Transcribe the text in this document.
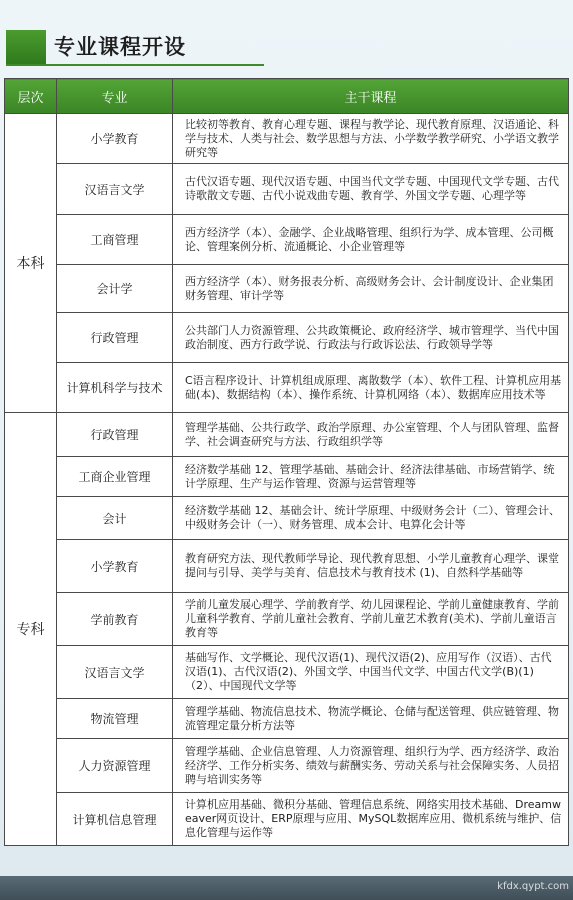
专业课程开设
层次	专业	主干课程
本科	小学教育	比较初等教育、教育心理专题、课程与教学论、现代教育原理、汉语通论、科学与技术、人类与社会、数学思想与方法、小学数学教学研究、小学语文教学研究等
	汉语言文学	古代汉语专题、现代汉语专题、中国当代文学专题、中国现代文学专题、古代诗歌散文专题、古代小说戏曲专题、教育学、外国文学专题、心理学等
	工商管理	西方经济学（本）、金融学、企业战略管理、组织行为学、成本管理、公司概论、管理案例分析、流通概论、小企业管理等
	会计学	西方经济学（本）、财务报表分析、高级财务会计、会计制度设计、企业集团财务管理、审计学等
	行政管理	公共部门人力资源管理、公共政策概论、政府经济学、城市管理学、当代中国政治制度、西方行政学说、行政法与行政诉讼法、行政领导学等
	计算机科学与技术	C语言程序设计、计算机组成原理、离散数学（本）、软件工程、计算机应用基础(本)、数据结构（本）、操作系统、计算机网络（本）、数据库应用技术等
专科	行政管理	管理学基础、公共行政学、政治学原理、办公室管理、个人与团队管理、监督学、社会调查研究与方法、行政组织学等
	工商企业管理	经济数学基础 12、管理学基础、基础会计、经济法律基础、市场营销学、统计学原理、生产与运作管理、资源与运营管理等
	会计	经济数学基础 12、基础会计、统计学原理、中级财务会计（二）、管理会计、中级财务会计（一）、财务管理、成本会计、电算化会计等
	小学教育	教育研究方法、现代教师学导论、现代教育思想、小学儿童教育心理学、课堂提问与引导、美学与美育、信息技术与教育技术 (1)、自然科学基础等
	学前教育	学前儿童发展心理学、学前教育学、幼儿园课程论、学前儿童健康教育、学前儿童科学教育、学前儿童社会教育、学前儿童艺术教育(美术)、学前儿童语言教育等
	汉语言文学	基础写作、文学概论、现代汉语(1)、现代汉语(2)、应用写作（汉语）、古代汉语(1)、古代汉语(2)、外国文学、中国当代文学、中国古代文学(B)(1)（2）、中国现代文学等
	物流管理	管理学基础、物流信息技术、物流学概论、仓储与配送管理、供应链管理、物流管理定量分析方法等
	人力资源管理	管理学基础、企业信息管理、人力资源管理、组织行为学、西方经济学、政治经济学、工作分析实务、绩效与薪酬实务、劳动关系与社会保障实务、人员招聘与培训实务等
	计算机信息管理	计算机应用基础、微积分基础、管理信息系统、网络实用技术基础、Dreamweaver网页设计、ERP原理与应用、MySQL数据库应用、微机系统与维护、信息化管理与运作等
kfdx.qypt.com
